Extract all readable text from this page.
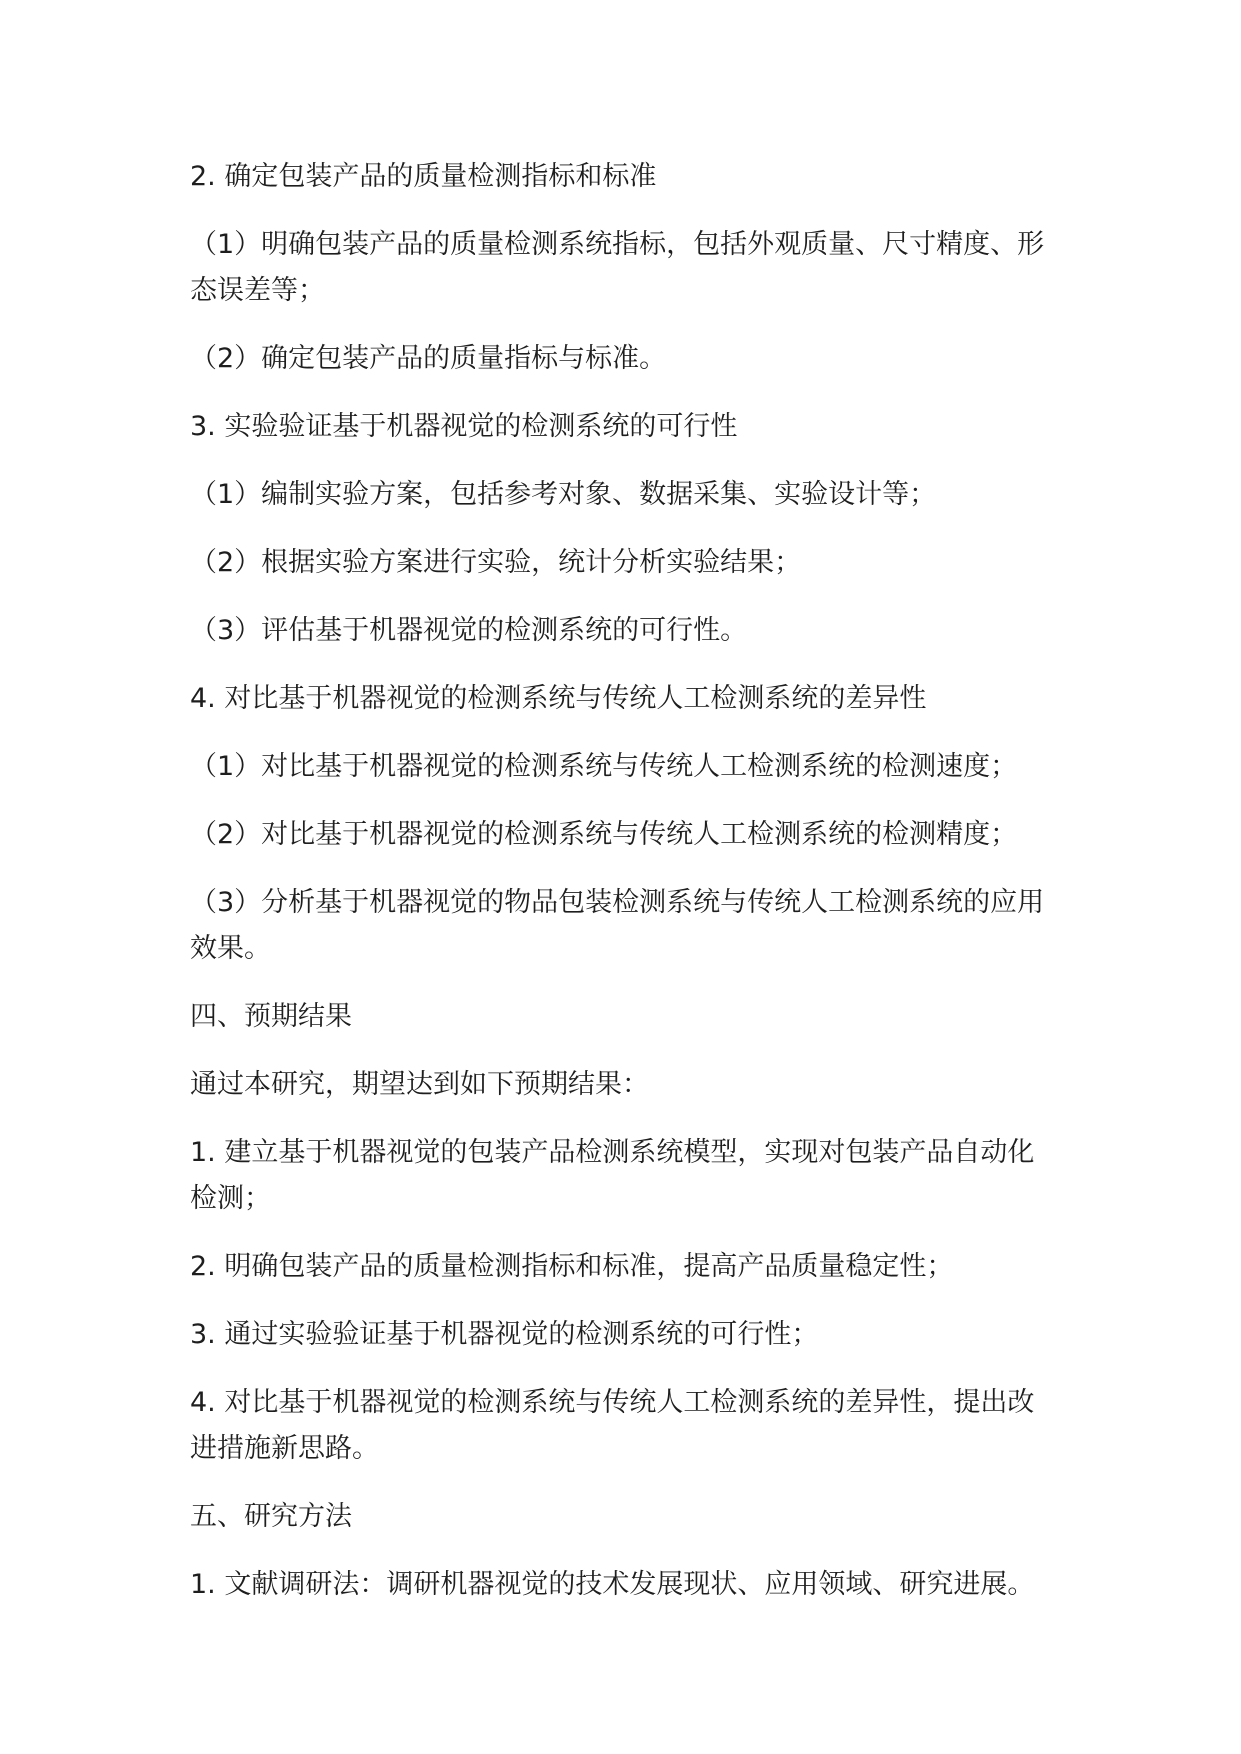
2. 确定包装产品的质量检测指标和标准

（1）明确包装产品的质量检测系统指标，包括外观质量、尺寸精度、形
态误差等；

（2）确定包装产品的质量指标与标准。

3. 实验验证基于机器视觉的检测系统的可行性

（1）编制实验方案，包括参考对象、数据采集、实验设计等；

（2）根据实验方案进行实验，统计分析实验结果；

（3）评估基于机器视觉的检测系统的可行性。

4. 对比基于机器视觉的检测系统与传统人工检测系统的差异性

（1）对比基于机器视觉的检测系统与传统人工检测系统的检测速度；

（2）对比基于机器视觉的检测系统与传统人工检测系统的检测精度；

（3）分析基于机器视觉的物品包装检测系统与传统人工检测系统的应用
效果。

四、预期结果

通过本研究，期望达到如下预期结果：

1. 建立基于机器视觉的包装产品检测系统模型，实现对包装产品自动化
检测；

2. 明确包装产品的质量检测指标和标准，提高产品质量稳定性；

3. 通过实验验证基于机器视觉的检测系统的可行性；

4. 对比基于机器视觉的检测系统与传统人工检测系统的差异性，提出改
进措施新思路。

五、研究方法

1. 文献调研法：调研机器视觉的技术发展现状、应用领域、研究进展。
